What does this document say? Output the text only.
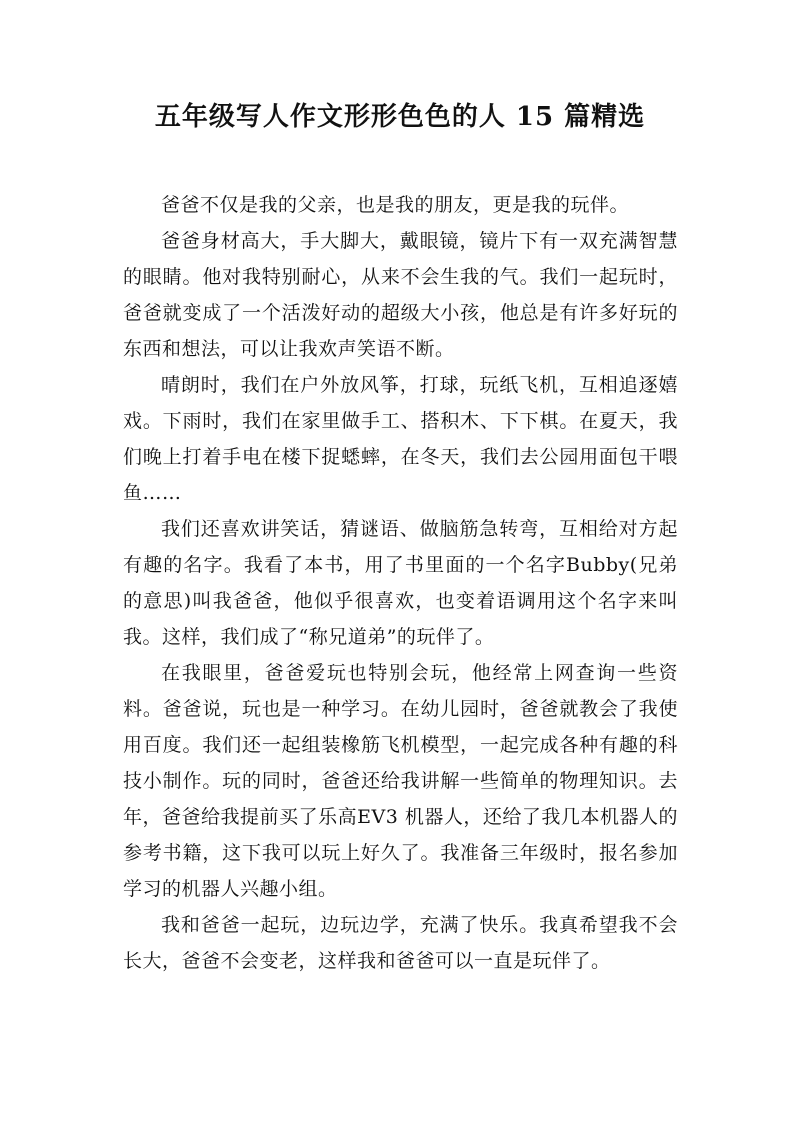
五年级写人作文形形色色的人 15 篇精选

爸爸不仅是我的父亲，也是我的朋友，更是我的玩伴。

爸爸身材高大，手大脚大，戴眼镜，镜片下有一双充满智慧的眼睛。他对我特别耐心，从来不会生我的气。我们一起玩时，爸爸就变成了一个活泼好动的超级大小孩，他总是有许多好玩的东西和想法，可以让我欢声笑语不断。

晴朗时，我们在户外放风筝，打球，玩纸飞机，互相追逐嬉戏。下雨时，我们在家里做手工、搭积木、下下棋。在夏天，我们晚上打着手电在楼下捉蟋蟀，在冬天，我们去公园用面包干喂鱼……

我们还喜欢讲笑话，猜谜语、做脑筋急转弯，互相给对方起有趣的名字。我看了本书，用了书里面的一个名字Bubby(兄弟的意思)叫我爸爸，他似乎很喜欢，也变着语调用这个名字来叫我。这样，我们成了“称兄道弟”的玩伴了。

在我眼里，爸爸爱玩也特别会玩，他经常上网查询一些资料。爸爸说，玩也是一种学习。在幼儿园时，爸爸就教会了我使用百度。我们还一起组装橡筋飞机模型，一起完成各种有趣的科技小制作。玩的同时，爸爸还给我讲解一些简单的物理知识。去年，爸爸给我提前买了乐高EV3 机器人，还给了我几本机器人的参考书籍，这下我可以玩上好久了。我准备三年级时，报名参加学习的机器人兴趣小组。

我和爸爸一起玩，边玩边学，充满了快乐。我真希望我不会长大，爸爸不会变老，这样我和爸爸可以一直是玩伴了。
